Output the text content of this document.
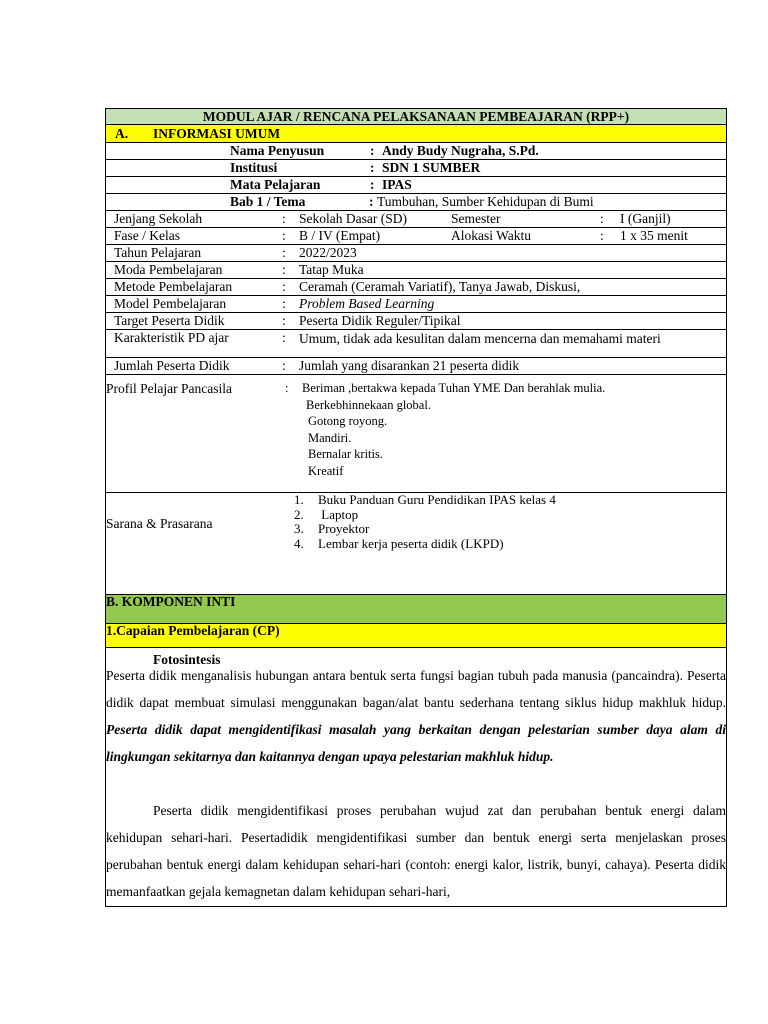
MODUL AJAR / RENCANA PELAKSANAAN PEMBEAJARAN (RPP+)
A. INFORMASI UMUM
Nama Penyusun	: Andy Budy Nugraha, S.Pd.
Institusi	: SDN 1 SUMBER
Mata Pelajaran	: IPAS
Bab 1 / Tema	: Tumbuhan, Sumber Kehidupan di Bumi
Jenjang Sekolah	: Sekolah Dasar (SD)	Semester	: I (Ganjil)
Fase / Kelas	: B / IV (Empat)	Alokasi Waktu	: 1 x 35 menit
Tahun Pelajaran	: 2022/2023
Moda Pembelajaran	: Tatap Muka
Metode Pembelajaran	: Ceramah (Ceramah Variatif), Tanya Jawab, Diskusi,
Model Pembelajaran	: Problem Based Learning
Target Peserta Didik	: Peserta Didik Reguler/Tipikal
Karakteristik PD ajar	: Umum, tidak ada kesulitan dalam mencerna dan memahami materi
Jumlah Peserta Didik	: Jumlah yang disarankan 21 peserta didik
Profil Pelajar Pancasila	: Beriman ,bertakwa kepada Tuhan YME Dan berahlak mulia.
Berkebhinnekaan global.
Gotong royong.
Mandiri.
Bernalar kritis.
Kreatif
Sarana & Prasarana
1. Buku Panduan Guru Pendidikan IPAS kelas 4
2. Laptop
3. Proyektor
4. Lembar kerja peserta didik (LKPD)
B. KOMPONEN INTI
1.Capaian Pembelajaran (CP)
Fotosintesis
Peserta didik menganalisis hubungan antara bentuk serta fungsi bagian tubuh pada manusia (pancaindra). Peserta didik dapat membuat simulasi menggunakan bagan/alat bantu sederhana tentang siklus hidup makhluk hidup. Peserta didik dapat mengidentifikasi masalah yang berkaitan dengan pelestarian sumber daya alam di lingkungan sekitarnya dan kaitannya dengan upaya pelestarian makhluk hidup.
Peserta didik mengidentifikasi proses perubahan wujud zat dan perubahan bentuk energi dalam kehidupan sehari-hari. Pesertadidik mengidentifikasi sumber dan bentuk energi serta menjelaskan proses perubahan bentuk energi dalam kehidupan sehari-hari (contoh: energi kalor, listrik, bunyi, cahaya). Peserta didik memanfaatkan gejala kemagnetan dalam kehidupan sehari-hari,
